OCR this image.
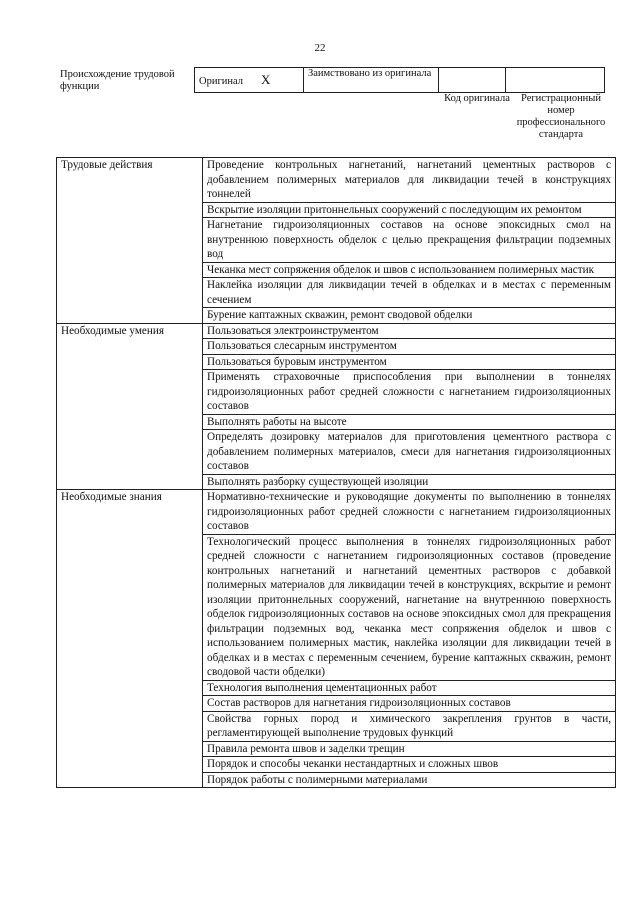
22
Происхождение трудовой функции	Оригинал X	Заимствовано из оригинала		
Код оригинала	Регистрационный номер профессионального стандарта
Трудовые действия	Проведение контрольных нагнетаний, нагнетаний цементных растворов с добавлением полимерных материалов для ликвидации течей в конструкциях тоннелей
	Вскрытие изоляции притоннельных сооружений с последующим их ремонтом
	Нагнетание гидроизоляционных составов на основе эпоксидных смол на внутреннюю поверхность обделок с целью прекращения фильтрации подземных вод
	Чеканка мест сопряжения обделок и швов с использованием полимерных мастик
	Наклейка изоляции для ликвидации течей в обделках и в местах с переменным сечением
	Бурение каптажных скважин, ремонт сводовой обделки
Необходимые умения	Пользоваться электроинструментом
	Пользоваться слесарным инструментом
	Пользоваться буровым инструментом
	Применять страховочные приспособления при выполнении в тоннелях гидроизоляционных работ средней сложности с нагнетанием гидроизоляционных составов
	Выполнять работы на высоте
	Определять дозировку материалов для приготовления цементного раствора с добавлением полимерных материалов, смеси для нагнетания гидроизоляционных составов
	Выполнять разборку существующей изоляции
Необходимые знания	Нормативно-технические и руководящие документы по выполнению в тоннелях гидроизоляционных работ средней сложности с нагнетанием гидроизоляционных составов
	Технологический процесс выполнения в тоннелях гидроизоляционных работ средней сложности с нагнетанием гидроизоляционных составов (проведение контрольных нагнетаний и нагнетаний цементных растворов с добавкой полимерных материалов для ликвидации течей в конструкциях, вскрытие и ремонт изоляции притоннельных сооружений, нагнетание на внутреннюю поверхность обделок гидроизоляционных составов на основе эпоксидных смол для прекращения фильтрации подземных вод, чеканка мест сопряжения обделок и швов с использованием полимерных мастик, наклейка изоляции для ликвидации течей в обделках и в местах с переменным сечением, бурение каптажных скважин, ремонт сводовой части обделки)
	Технология выполнения цементационных работ
	Состав растворов для нагнетания гидроизоляционных составов
	Свойства горных пород и химического закрепления грунтов в части, регламентирующей выполнение трудовых функций
	Правила ремонта швов и заделки трещин
	Порядок и способы чеканки нестандартных и сложных швов
	Порядок работы с полимерными материалами
